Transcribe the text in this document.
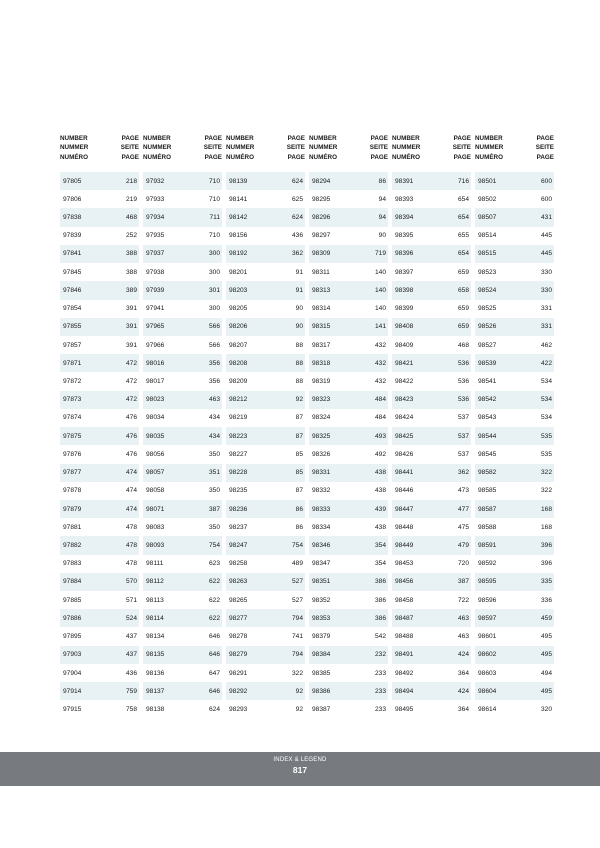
NUMBER
NUMMER
NUMÉRO
PAGE
SEITE
PAGE
97805	218
97806	219
97838	468
97839	252
97841	388
97845	388
97846	389
97854	391
97855	391
97857	391
97871	472
97872	472
97873	472
97874	476
97875	476
97876	476
97877	474
97878	474
97879	474
97881	478
97882	478
97883	478
97884	570
97885	571
97886	524
97895	437
97903	437
97904	436
97914	759
97915	758
NUMBER
NUMMER
NUMÉRO
PAGE
SEITE
PAGE
97932	710
97933	710
97934	711
97935	710
97937	300
97938	300
97939	301
97941	300
97965	566
97966	566
98016	356
98017	356
98023	463
98034	434
98035	434
98056	350
98057	351
98058	350
98071	387
98083	350
98093	754
98111	623
98112	622
98113	622
98114	622
98134	646
98135	646
98136	647
98137	646
98138	624
NUMBER
NUMMER
NUMÉRO
PAGE
SEITE
PAGE
98139	624
98141	625
98142	624
98156	436
98192	362
98201	91
98203	91
98205	90
98206	90
98207	88
98208	88
98209	88
98212	92
98219	87
98223	87
98227	85
98228	85
98235	87
98236	86
98237	86
98247	754
98258	489
98263	527
98265	527
98277	794
98278	741
98279	794
98291	322
98292	92
98293	92
NUMBER
NUMMER
NUMÉRO
PAGE
SEITE
PAGE
98294	86
98295	94
98296	94
98297	90
98309	719
98311	140
98313	140
98314	140
98315	141
98317	432
98318	432
98319	432
98323	484
98324	484
98325	493
98326	492
98331	438
98332	438
98333	439
98334	438
98346	354
98347	354
98351	386
98352	386
98353	386
98379	542
98384	232
98385	233
98386	233
98387	233
NUMBER
NUMMER
NUMÉRO
PAGE
SEITE
PAGE
98391	716
98393	654
98394	654
98395	655
98396	654
98397	659
98398	658
98399	659
98408	659
98409	468
98421	536
98422	536
98423	536
98424	537
98425	537
98426	537
98441	362
98446	473
98447	477
98448	475
98449	479
98453	720
98456	387
98458	722
98487	463
98488	463
98491	424
98492	364
98494	424
98495	364
NUMBER
NUMMER
NUMÉRO
PAGE
SEITE
PAGE
98501	600
98502	600
98507	431
98514	445
98515	445
98523	330
98524	330
98525	331
98526	331
98527	462
98539	422
98541	534
98542	534
98543	534
98544	535
98545	535
98582	322
98585	322
98587	168
98588	168
98591	396
98592	396
98595	335
98596	336
98597	459
98601	495
98602	495
98603	494
98604	495
98614	320
INDEX & LEGEND
817
